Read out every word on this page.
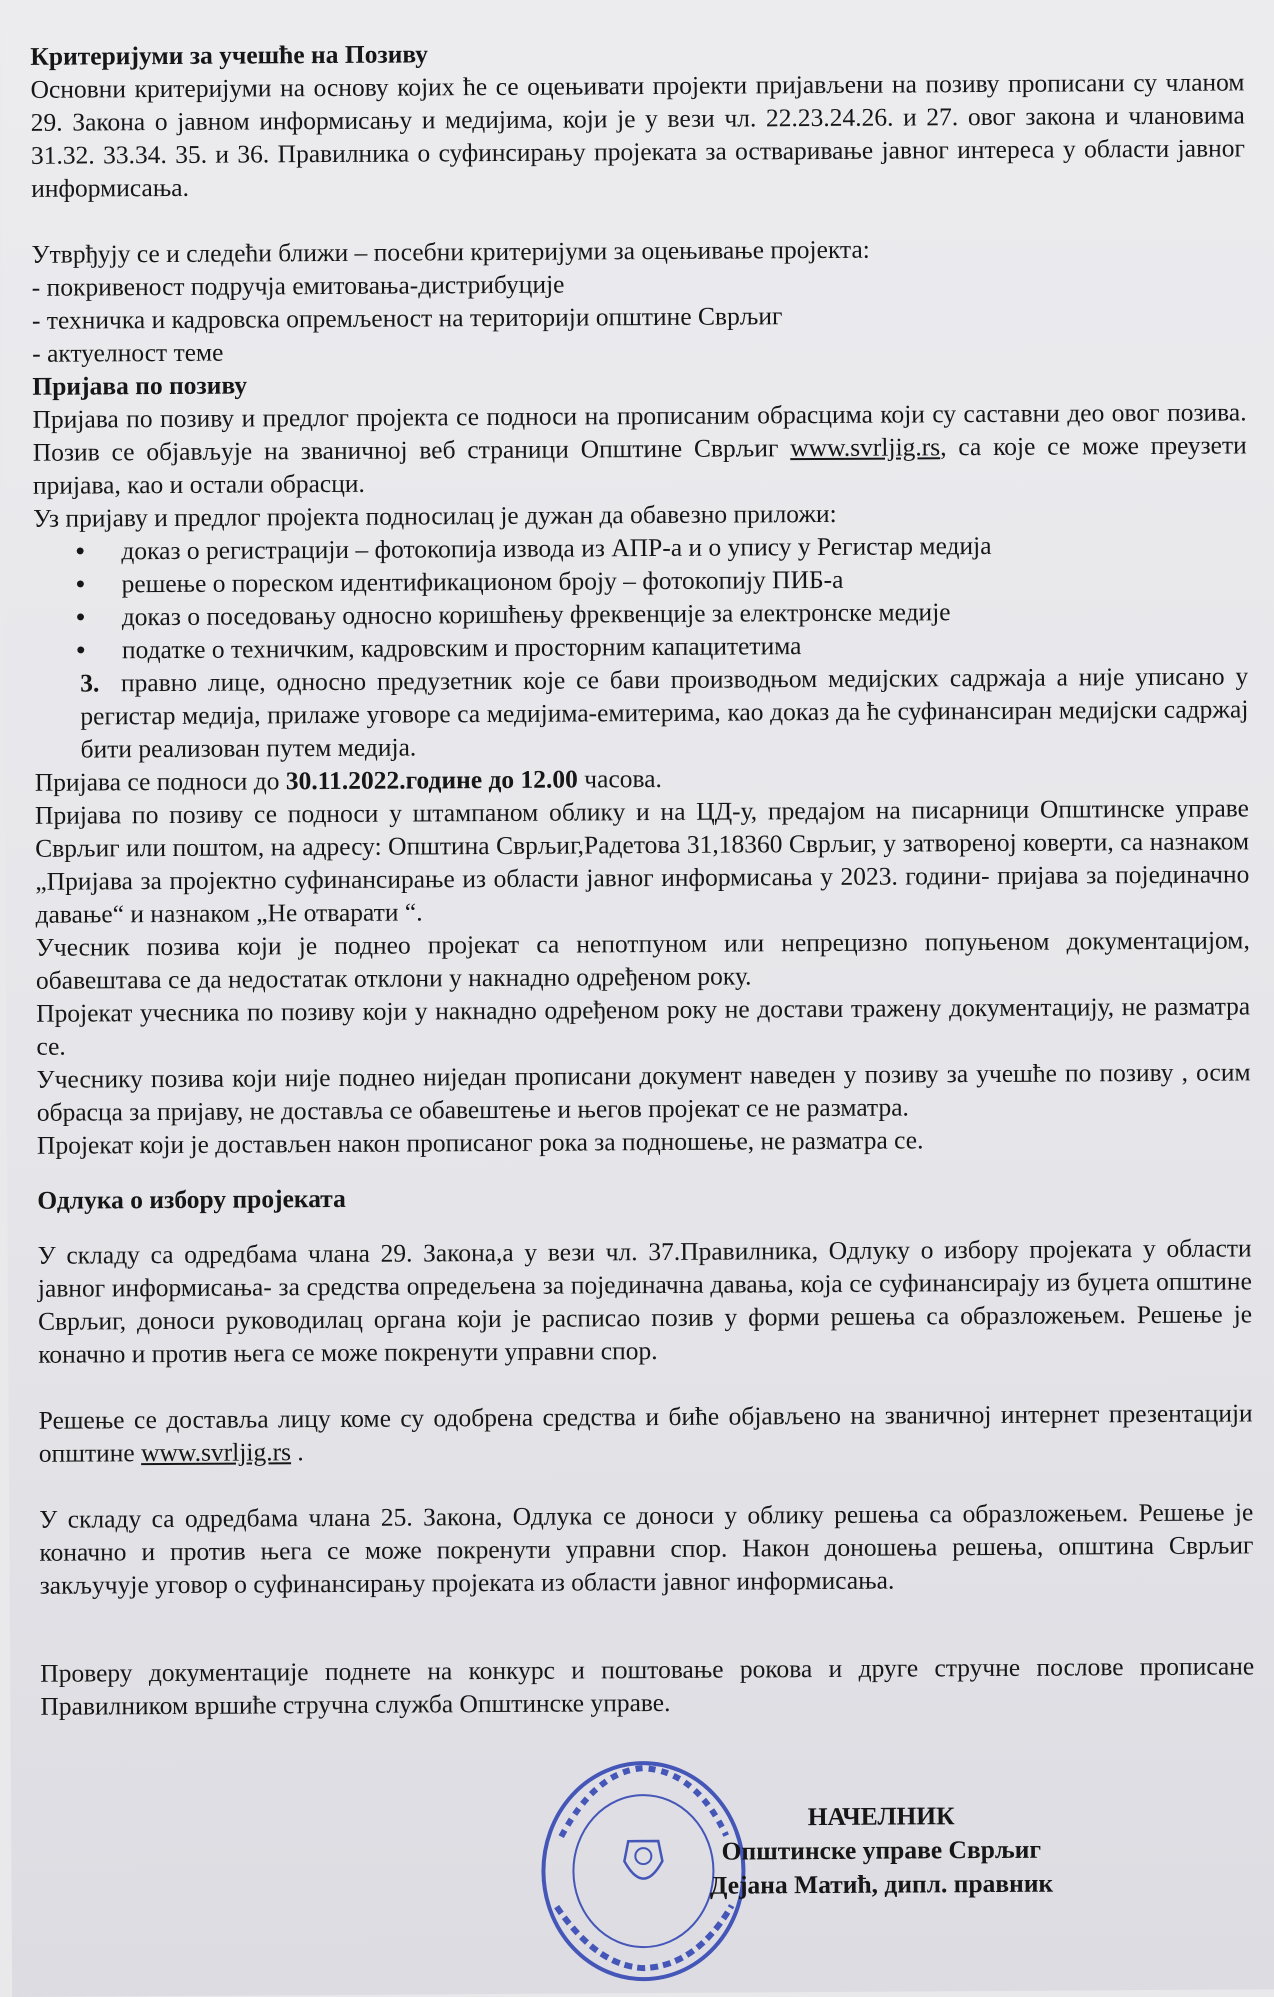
Критеријуми за учешће на Позиву

Основни критеријуми на основу којих ће се оцењивати пројекти пријављени на позиву прописани су чланом 29. Закона о јавном информисању и медијима, који је у вези чл. 22.23.24.26. и 27. овог закона и члановима 31.32. 33.34. 35. и 36. Правилника о суфинсирању пројеката за остваривање јавног интереса у области јавног информисања.

Утврђују се и следећи ближи – посебни критеријуми за оцењивање пројекта:

- покривеност подручја емитовања-дистрибуције

- техничка и кадровска опремљеност на територији општине Сврљиг

- актуелност теме

Пријава по позиву

Пријава по позиву и предлог пројекта се подноси на прописаним обрасцима који су саставни део овог позива. Позив се објављује на званичној веб страници Општине Сврљиг www.svrljig.rs, са које се може преузети пријава, као и остали обрасци.

Уз пријаву и предлог пројекта подносилац је дужан да обавезно приложи:

● доказ о регистрацији – фотокопија извода из АПР-а и о упису у Регистар медија
● решење о пореском идентификационом броју – фотокопију ПИБ-а
● доказ о поседовању односно коришћењу фреквенције за електронске медије
● податке о техничким, кадровским и просторним капацитетима

3. правно лице, односно предузетник које се бави производњом медијских садржаја а није уписано у регистар медија, прилаже уговоре са медијима-емитерима, као доказ да ће суфинансиран медијски садржај бити реализован путем медија.

Пријава се подноси до 30.11.2022.године до 12.00 часова.

Пријава по позиву се подноси у штампаном облику и на ЦД-у, предајом на писарници Општинске управе Сврљиг или поштом, на адресу: Општина Сврљиг,Радетова 31,18360 Сврљиг, у затвореној коверти, са назнаком „Пријава за пројектно суфинансирање из области јавног информисања у 2023. години- пријава за појединачно давање“ и назнаком „Не отварати “.

Учесник позива који је поднео пројекат са непотпуном или непрецизно попуњеном документацијом, обавештава се да недостатак отклони у накнадно одређеном року.

Пројекат учесника по позиву који у накнадно одређеном року не достави тражену документацију, не разматра се.

Учеснику позива који није поднео ниједан прописани документ наведен у позиву за учешће по позиву , осим обрасца за пријаву, не доставља се обавештење и његов пројекат се не разматра.

Пројекат који је достављен након прописаног рока за подношење, не разматра се.

Одлука о избору пројеката

У складу са одредбама члана 29. Закона,а у вези чл. 37.Правилника, Одлуку о избору пројеката у области јавног информисања- за средства опредељена за појединачна давања, која се суфинансирају из буџета општине Сврљиг, доноси руководилац органа који је расписао позив у форми решења са образложењем. Решење је коначно и против њега се може покренути управни спор.

Решење се доставља лицу коме су одобрена средства и биће објављено на званичној интернет презентацији општине www.svrljig.rs .

У складу са одредбама члана 25. Закона, Одлука се доноси у облику решења са образложењем. Решење је коначно и против њега се може покренути управни спор. Након доношења решења, општина Сврљиг закључује уговор о суфинансирању пројеката из области јавног информисања.

Проверу документације поднете на конкурс и поштовање рокова и друге стручне послове прописане Правилником вршиће стручна служба Општинске управе.

НАЧЕЛНИК
Општинске управе Сврљиг
Дејана Матић, дипл. правник
